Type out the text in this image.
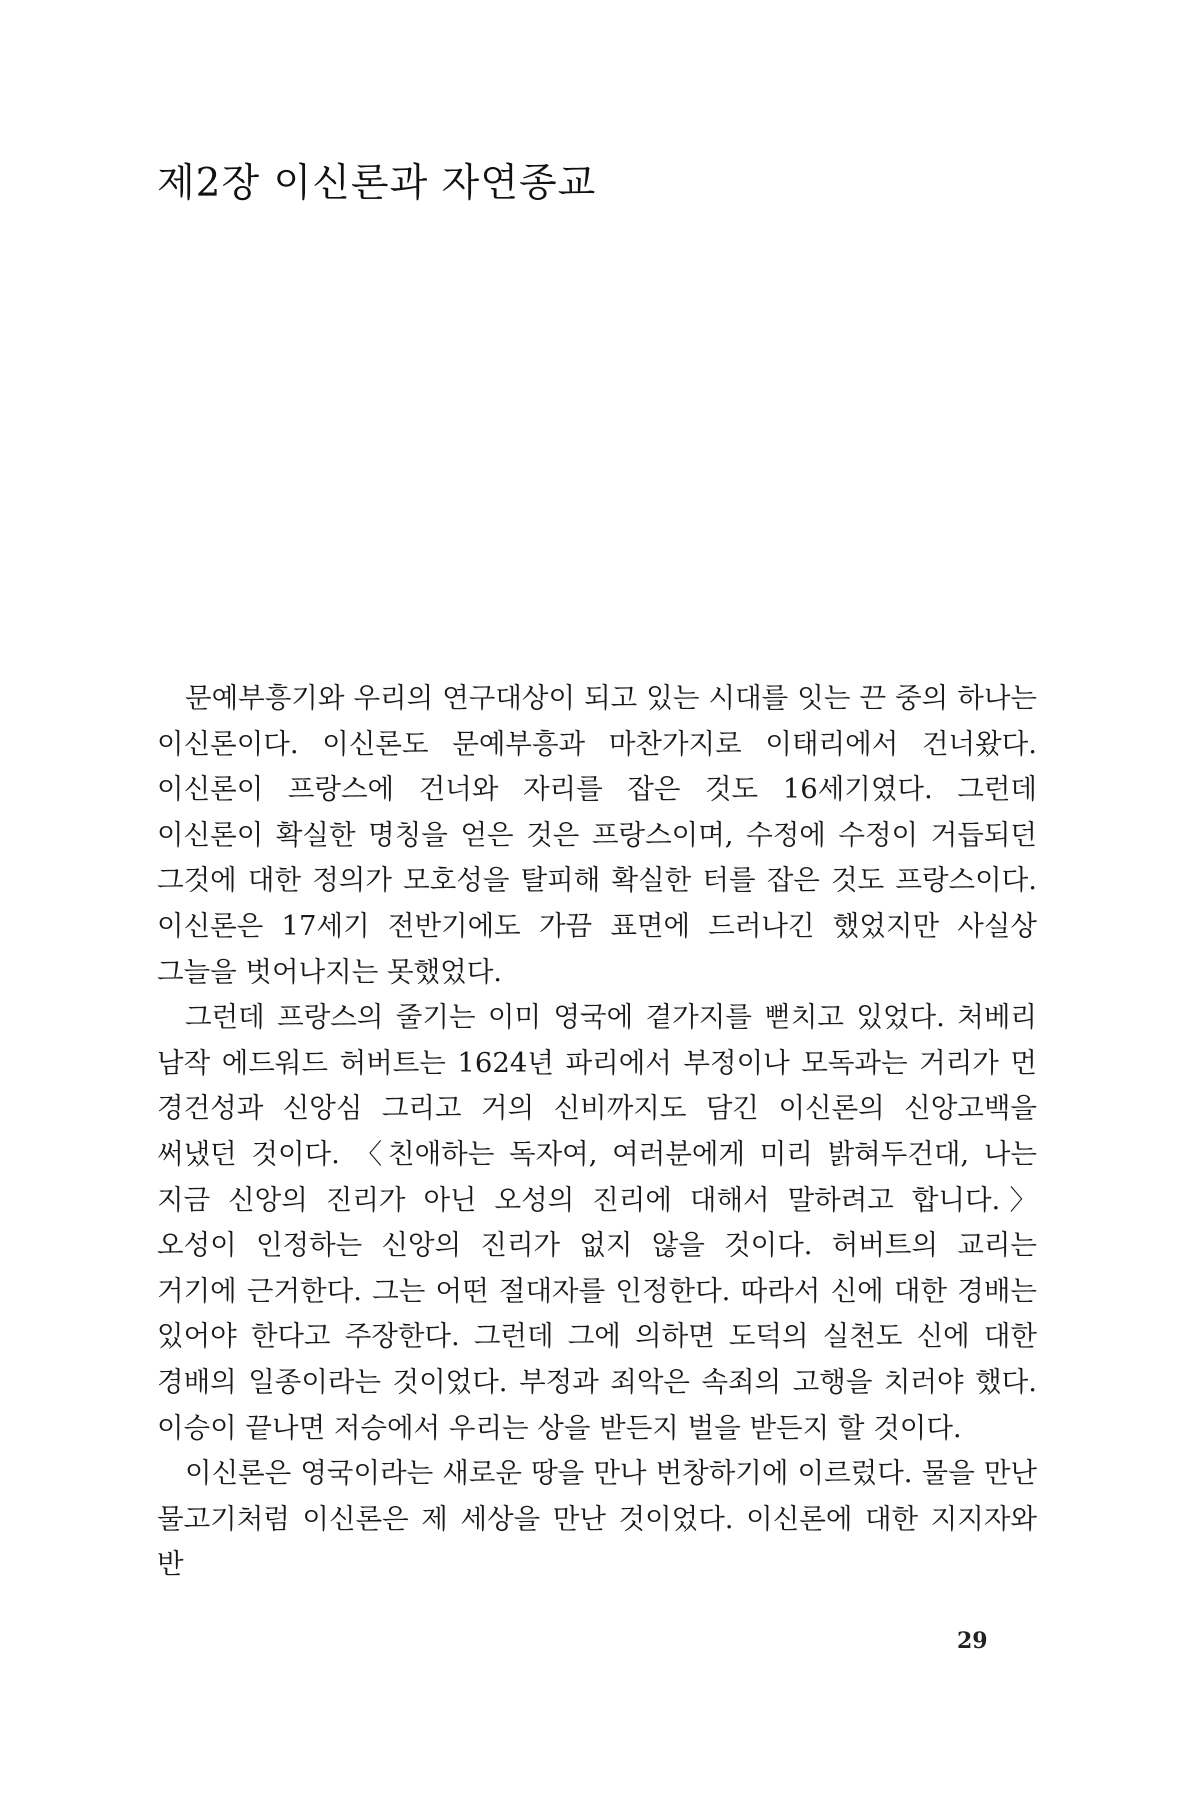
제2장 이신론과 자연종교

문예부흥기와 우리의 연구대상이 되고 있는 시대를 잇는 끈 중의 하나는 이신론이다. 이신론도 문예부흥과 마찬가지로 이태리에서 건너왔다. 이신론이 프랑스에 건너와 자리를 잡은 것도 16세기였다. 그런데 이신론이 확실한 명칭을 얻은 것은 프랑스이며, 수정에 수정이 거듭되던 그것에 대한 정의가 모호성을 탈피해 확실한 터를 잡은 것도 프랑스이다. 이신론은 17세기 전반기에도 가끔 표면에 드러나긴 했었지만 사실상 그늘을 벗어나지는 못했었다.

그런데 프랑스의 줄기는 이미 영국에 곁가지를 뻗치고 있었다. 처베리 남작 에드워드 허버트는 1624년 파리에서 부정이나 모독과는 거리가 먼 경건성과 신앙심 그리고 거의 신비까지도 담긴 이신론의 신앙고백을 써냈던 것이다. 〈친애하는 독자여, 여러분에게 미리 밝혀두건대, 나는 지금 신앙의 진리가 아닌 오성의 진리에 대해서 말하려고 합니다.〉 오성이 인정하는 신앙의 진리가 없지 않을 것이다. 허버트의 교리는 거기에 근거한다. 그는 어떤 절대자를 인정한다. 따라서 신에 대한 경배는 있어야 한다고 주장한다. 그런데 그에 의하면 도덕의 실천도 신에 대한 경배의 일종이라는 것이었다. 부정과 죄악은 속죄의 고행을 치러야 했다. 이승이 끝나면 저승에서 우리는 상을 받든지 벌을 받든지 할 것이다.

이신론은 영국이라는 새로운 땅을 만나 번창하기에 이르렀다. 물을 만난 물고기처럼 이신론은 제 세상을 만난 것이었다. 이신론에 대한 지지자와 반

29
